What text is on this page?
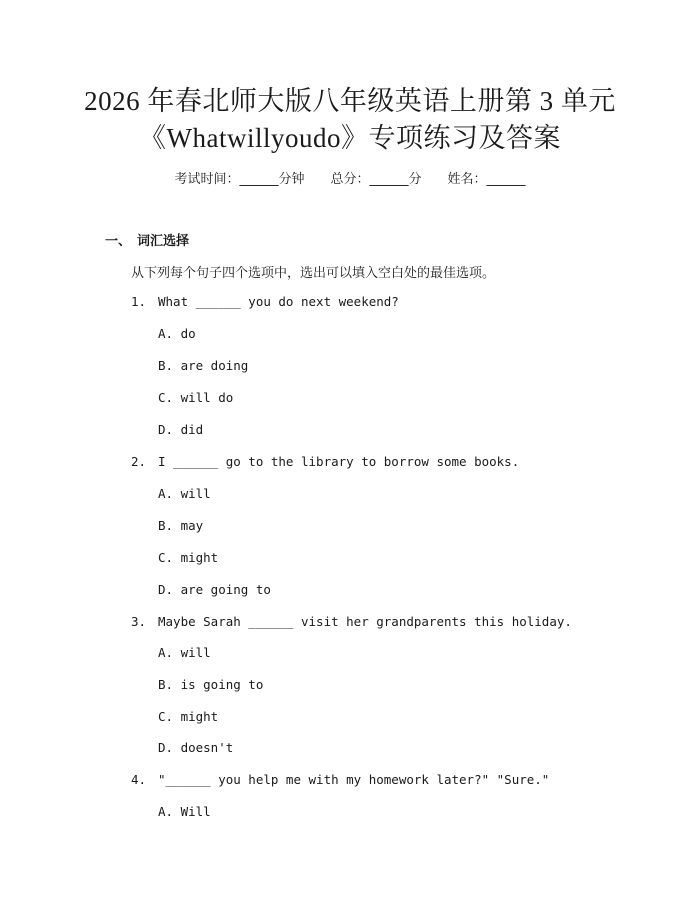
2026 年春北师大版八年级英语上册第 3 单元
《Whatwillyoudo》专项练习及答案
考试时间：______分钟 总分：______分 姓名：______
一、 词汇选择
从下列每个句子四个选项中，选出可以填入空白处的最佳选项。
1. What ______ you do next weekend?
A. do
B. are doing
C. will do
D. did
2. I ______ go to the library to borrow some books.
A. will
B. may
C. might
D. are going to
3. Maybe Sarah ______ visit her grandparents this holiday.
A. will
B. is going to
C. might
D. doesn't
4. "______ you help me with my homework later?" "Sure."
A. Will
